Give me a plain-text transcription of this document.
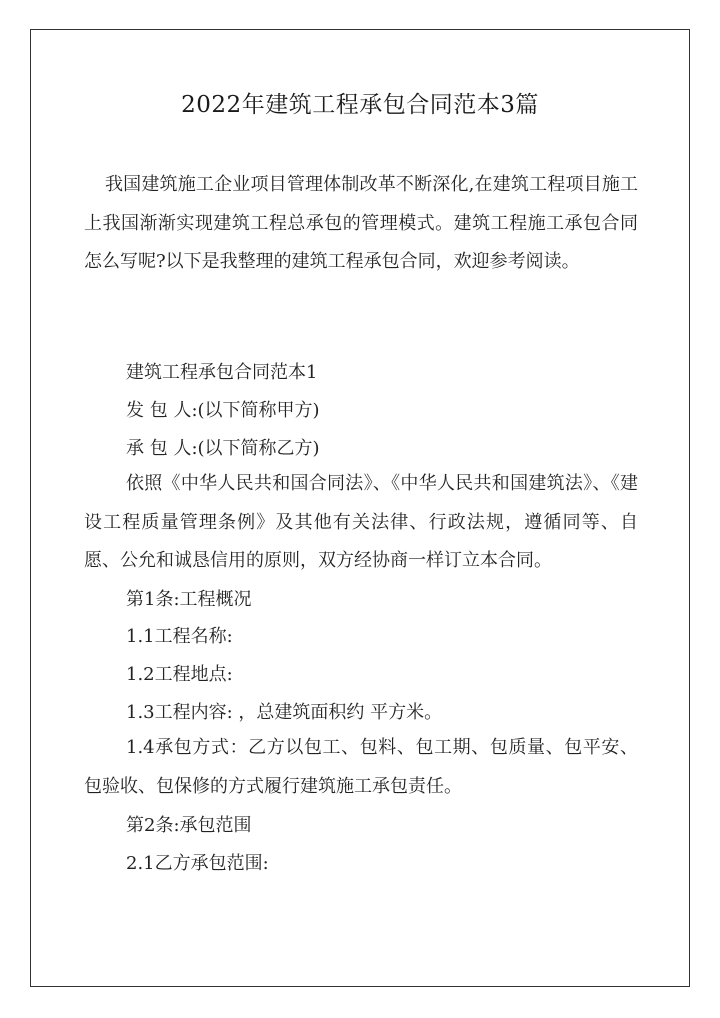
2022年建筑工程承包合同范本3篇

我国建筑施工企业项目管理体制改革不断深化,在建筑工程项目施工上我国渐渐实现建筑工程总承包的管理模式。建筑工程施工承包合同怎么写呢?以下是我整理的建筑工程承包合同，欢迎参考阅读。

建筑工程承包合同范本1

发 包 人:(以下简称甲方)

承 包 人:(以下简称乙方)

依照《中华人民共和国合同法》、《中华人民共和国建筑法》、《建设工程质量管理条例》及其他有关法律、行政法规，遵循同等、自愿、公允和诚恳信用的原则，双方经协商一样订立本合同。

第1条:工程概况

1.1工程名称:

1.2工程地点:

1.3工程内容: ，总建筑面积约 平方米。

1.4承包方式：乙方以包工、包料、包工期、包质量、包平安、包验收、包保修的方式履行建筑施工承包责任。

第2条:承包范围

2.1乙方承包范围:
